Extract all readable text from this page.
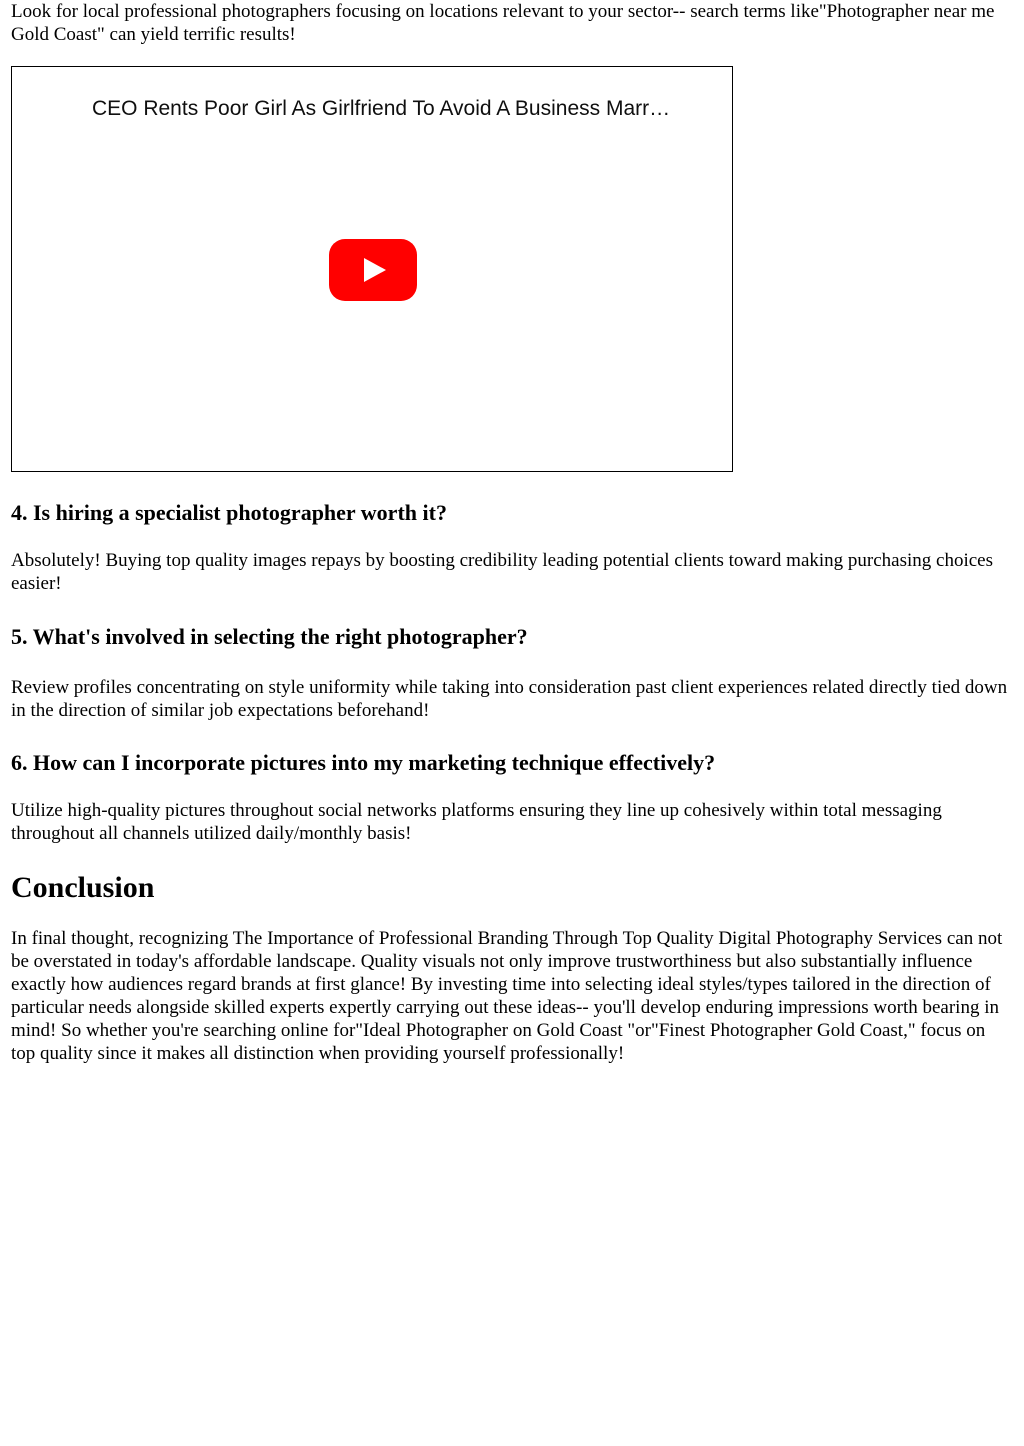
Look for local professional photographers focusing on locations relevant to your sector-- search terms like"Photographer near me Gold Coast" can yield terrific results!

CEO Rents Poor Girl As Girlfriend To Avoid A Business Marr…
4. Is hiring a specialist photographer worth it?

Absolutely! Buying top quality images repays by boosting credibility leading potential clients toward making purchasing choices easier!

5. What's involved in selecting the right photographer?

Review profiles concentrating on style uniformity while taking into consideration past client experiences related directly tied down in the direction of similar job expectations beforehand!

6. How can I incorporate pictures into my marketing technique effectively?

Utilize high-quality pictures throughout social networks platforms ensuring they line up cohesively within total messaging throughout all channels utilized daily/monthly basis!

Conclusion

In final thought, recognizing The Importance of Professional Branding Through Top Quality Digital Photography Services can not be overstated in today's affordable landscape. Quality visuals not only improve trustworthiness but also substantially influence exactly how audiences regard brands at first glance! By investing time into selecting ideal styles/types tailored in the direction of particular needs alongside skilled experts expertly carrying out these ideas-- you'll develop enduring impressions worth bearing in mind! So whether you're searching online for"Ideal Photographer on Gold Coast "or"Finest Photographer Gold Coast," focus on top quality since it makes all distinction when providing yourself professionally!
